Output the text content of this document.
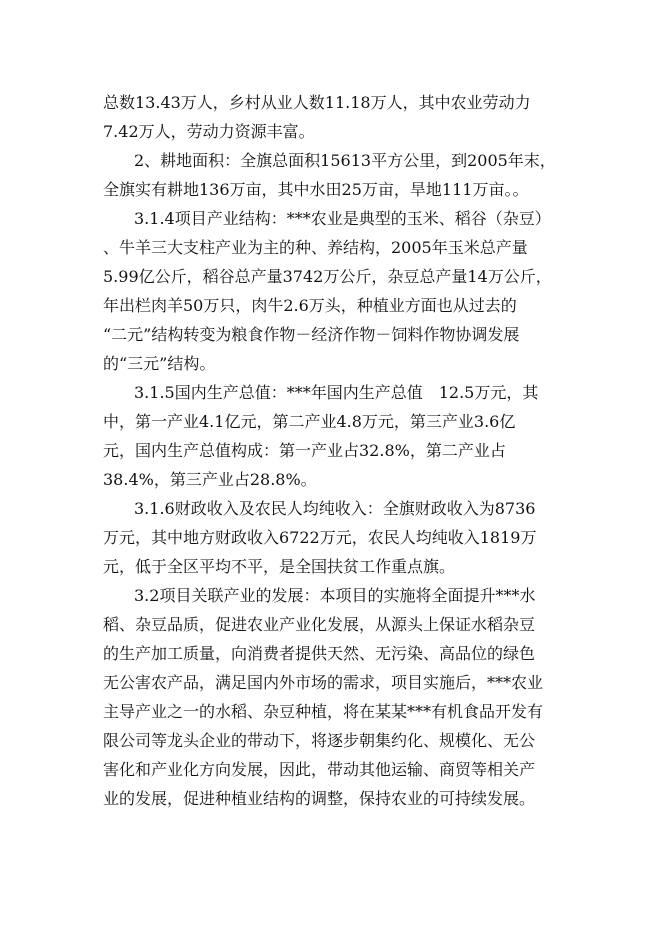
总数13.43万人，乡村从业人数11.18万人，其中农业劳动力
7.42万人，劳动力资源丰富。
2、耕地面积：全旗总面积15613平方公里，到2005年末，
全旗实有耕地136万亩，其中水田25万亩，旱地111万亩。。
3.1.4项目产业结构：***农业是典型的玉米、稻谷（杂豆）
、牛羊三大支柱产业为主的种、养结构，2005年玉米总产量
5.99亿公斤，稻谷总产量3742万公斤，杂豆总产量14万公斤，
年出栏肉羊50万只，肉牛2.6万头，种植业方面也从过去的
“二元”结构转变为粮食作物－经济作物－饲料作物协调发展
的“三元”结构。
3.1.5国内生产总值：***年国内生产总值　12.5万元，其
中，第一产业4.1亿元，第二产业4.8万元，第三产业3.6亿
元，国内生产总值构成：第一产业占32.8%，第二产业占
38.4%，第三产业占28.8%。
3.1.6财政收入及农民人均纯收入：全旗财政收入为8736
万元，其中地方财政收入6722万元，农民人均纯收入1819万
元，低于全区平均不平，是全国扶贫工作重点旗。
3.2项目关联产业的发展：本项目的实施将全面提升***水
稻、杂豆品质，促进农业产业化发展，从源头上保证水稻杂豆
的生产加工质量，向消费者提供天然、无污染、高品位的绿色
无公害农产品，满足国内外市场的需求，项目实施后，***农业
主导产业之一的水稻、杂豆种植，将在某某***有机食品开发有
限公司等龙头企业的带动下，将逐步朝集约化、规模化、无公
害化和产业化方向发展，因此，带动其他运输、商贸等相关产
业的发展，促进种植业结构的调整，保持农业的可持续发展。
